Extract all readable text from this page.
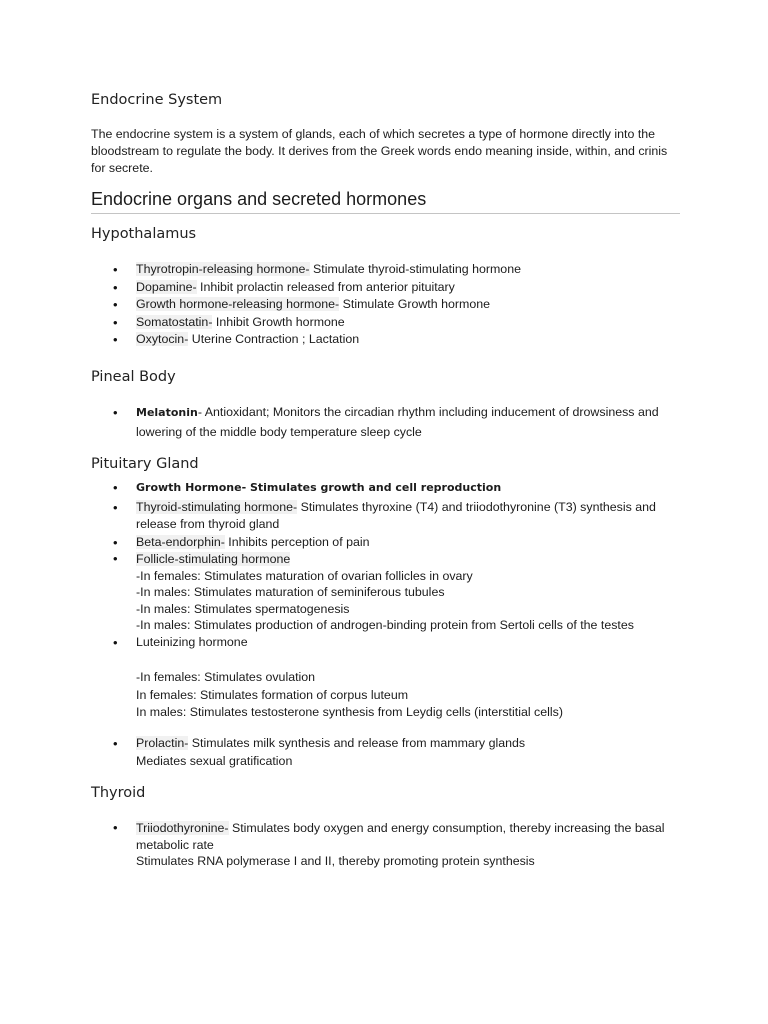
Endocrine System
The endocrine system is a system of glands, each of which secretes a type of hormone directly into the bloodstream to regulate the body. It derives from the Greek words endo meaning inside, within, and crinis for secrete.
Endocrine organs and secreted hormones
Hypothalamus
• Thyrotropin-releasing hormone- Stimulate thyroid-stimulating hormone
• Dopamine- Inhibit prolactin released from anterior pituitary
• Growth hormone-releasing hormone- Stimulate Growth hormone
• Somatostatin- Inhibit Growth hormone
• Oxytocin- Uterine Contraction ; Lactation
Pineal Body
• Melatonin- Antioxidant; Monitors the circadian rhythm including inducement of drowsiness and lowering of the middle body temperature sleep cycle
Pituitary Gland
• Growth Hormone- Stimulates growth and cell reproduction
• Thyroid-stimulating hormone- Stimulates thyroxine (T4) and triiodothyronine (T3) synthesis and release from thyroid gland
• Beta-endorphin- Inhibits perception of pain
• Follicle-stimulating hormone
-In females: Stimulates maturation of ovarian follicles in ovary
-In males: Stimulates maturation of seminiferous tubules
-In males: Stimulates spermatogenesis
-In males: Stimulates production of androgen-binding protein from Sertoli cells of the testes
• Luteinizing hormone
-In females: Stimulates ovulation
In females: Stimulates formation of corpus luteum
In males: Stimulates testosterone synthesis from Leydig cells (interstitial cells)
• Prolactin- Stimulates milk synthesis and release from mammary glands
Mediates sexual gratification
Thyroid
• Triiodothyronine- Stimulates body oxygen and energy consumption, thereby increasing the basal metabolic rate
Stimulates RNA polymerase I and II, thereby promoting protein synthesis
